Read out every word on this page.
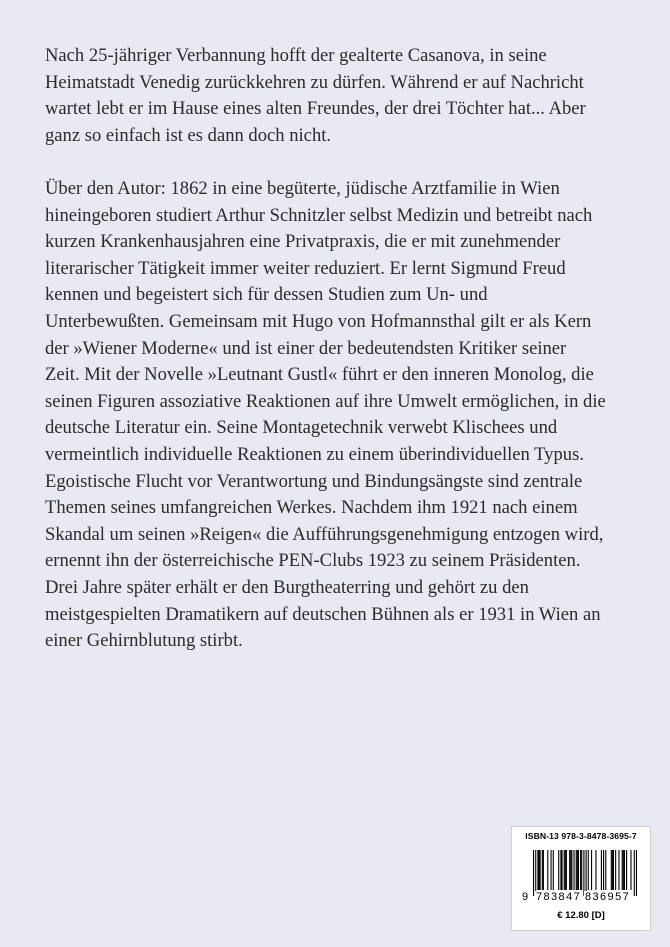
Nach 25-jähriger Verbannung hofft der gealterte Casanova, in seine
Heimatstadt Venedig zurückkehren zu dürfen. Während er auf Nachricht
wartet lebt er im Hause eines alten Freundes, der drei Töchter hat... Aber
ganz so einfach ist es dann doch nicht.

Über den Autor: 1862 in eine begüterte, jüdische Arztfamilie in Wien
hineingeboren studiert Arthur Schnitzler selbst Medizin und betreibt nach
kurzen Krankenhausjahren eine Privatpraxis, die er mit zunehmender
literarischer Tätigkeit immer weiter reduziert. Er lernt Sigmund Freud
kennen und begeistert sich für dessen Studien zum Un- und
Unterbewußten. Gemeinsam mit Hugo von Hofmannsthal gilt er als Kern
der »Wiener Moderne« und ist einer der bedeutendsten Kritiker seiner
Zeit. Mit der Novelle »Leutnant Gustl« führt er den inneren Monolog, die
seinen Figuren assoziative Reaktionen auf ihre Umwelt ermöglichen, in die
deutsche Literatur ein. Seine Montagetechnik verwebt Klischees und
vermeintlich individuelle Reaktionen zu einem überindividuellen Typus.
Egoistische Flucht vor Verantwortung und Bindungsängste sind zentrale
Themen seines umfangreichen Werkes. Nachdem ihm 1921 nach einem
Skandal um seinen »Reigen« die Aufführungsgenehmigung entzogen wird,
ernennt ihn der österreichische PEN-Clubs 1923 zu seinem Präsidenten.
Drei Jahre später erhält er den Burgtheaterring und gehört zu den
meistgespielten Dramatikern auf deutschen Bühnen als er 1931 in Wien an
einer Gehirnblutung stirbt.

ISBN-13 978-3-8478-3695-7
9 783847 836957
€ 12.80 [D]
